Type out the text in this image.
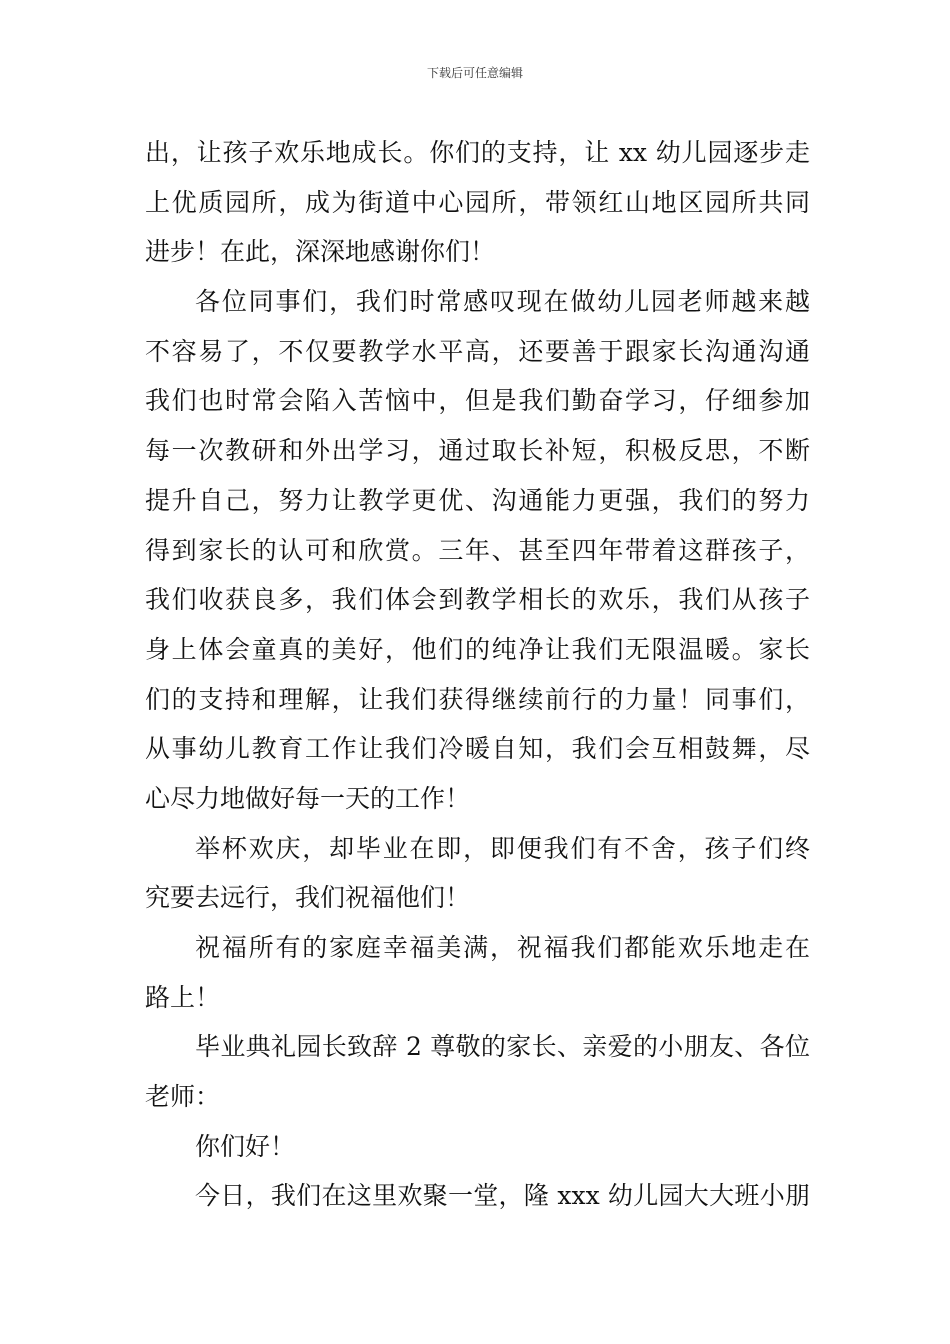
下载后可任意编辑
出，让孩子欢乐地成长。你们的支持，让 xx 幼儿园逐步走
上优质园所，成为街道中心园所，带领红山地区园所共同
进步！在此，深深地感谢你们！
各位同事们，我们时常感叹现在做幼儿园老师越来越
不容易了，不仅要教学水平高，还要善于跟家长沟通沟通
我们也时常会陷入苦恼中，但是我们勤奋学习，仔细参加
每一次教研和外出学习，通过取长补短，积极反思，不断
提升自己，努力让教学更优、沟通能力更强，我们的努力
得到家长的认可和欣赏。三年、甚至四年带着这群孩子，
我们收获良多，我们体会到教学相长的欢乐，我们从孩子
身上体会童真的美好，他们的纯净让我们无限温暖。家长
们的支持和理解，让我们获得继续前行的力量！同事们，
从事幼儿教育工作让我们冷暖自知，我们会互相鼓舞，尽
心尽力地做好每一天的工作！
举杯欢庆，却毕业在即，即便我们有不舍，孩子们终
究要去远行，我们祝福他们！
祝福所有的家庭幸福美满，祝福我们都能欢乐地走在
路上！
毕业典礼园长致辞 2 尊敬的家长、亲爱的小朋友、各位
老师：
你们好！
今日，我们在这里欢聚一堂，隆 xxx 幼儿园大大班小朋
